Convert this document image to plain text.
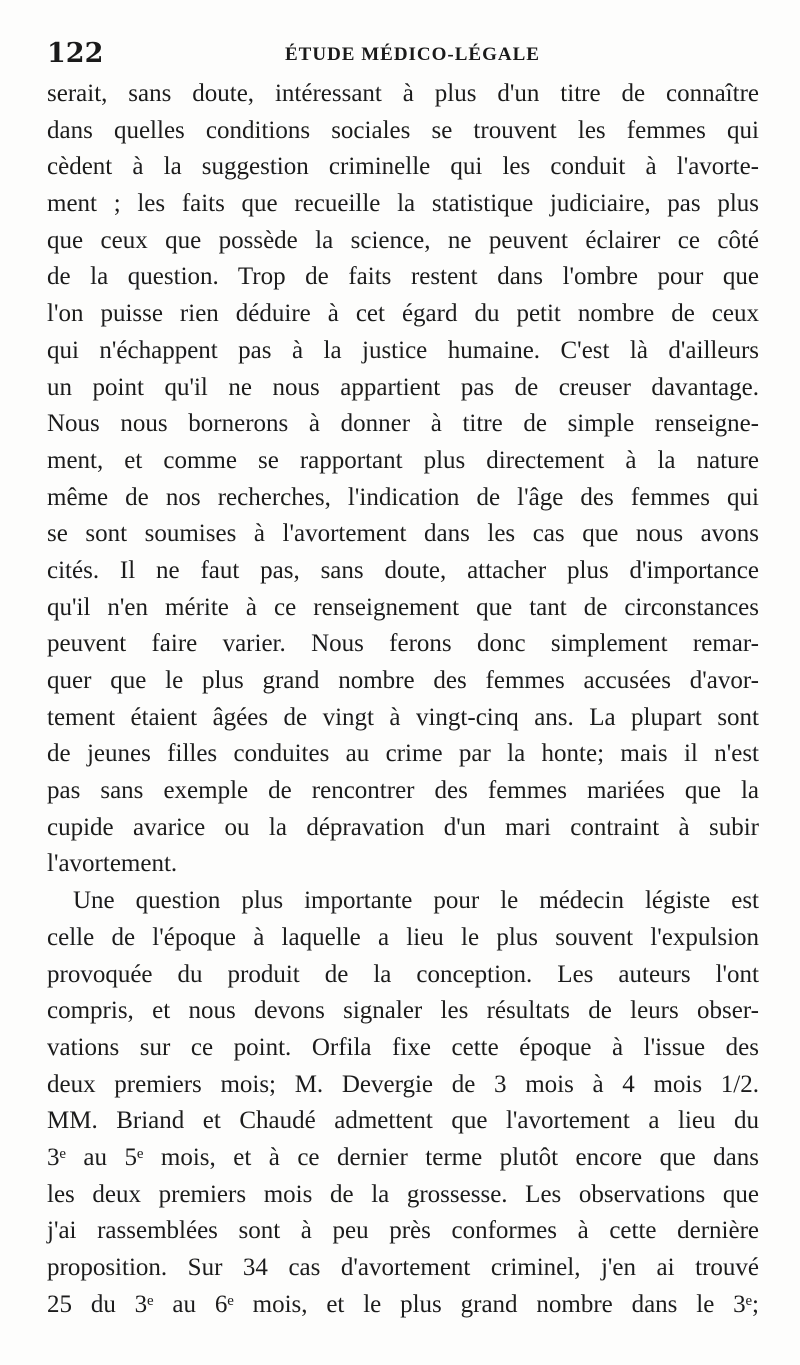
122	ÉTUDE MÉDICO-LÉGALE
serait, sans doute, intéressant à plus d'un titre de connaître
dans quelles conditions sociales se trouvent les femmes qui
cèdent à la suggestion criminelle qui les conduit à l'avorte-
ment ; les faits que recueille la statistique judiciaire, pas plus
que ceux que possède la science, ne peuvent éclairer ce côté
de la question. Trop de faits restent dans l'ombre pour que
l'on puisse rien déduire à cet égard du petit nombre de ceux
qui n'échappent pas à la justice humaine. C'est là d'ailleurs
un point qu'il ne nous appartient pas de creuser davantage.
Nous nous bornerons à donner à titre de simple renseigne-
ment, et comme se rapportant plus directement à la nature
même de nos recherches, l'indication de l'âge des femmes qui
se sont soumises à l'avortement dans les cas que nous avons
cités. Il ne faut pas, sans doute, attacher plus d'importance
qu'il n'en mérite à ce renseignement que tant de circonstances
peuvent faire varier. Nous ferons donc simplement remar-
quer que le plus grand nombre des femmes accusées d'avor-
tement étaient âgées de vingt à vingt-cinq ans. La plupart sont
de jeunes filles conduites au crime par la honte; mais il n'est
pas sans exemple de rencontrer des femmes mariées que la
cupide avarice ou la dépravation d'un mari contraint à subir
l'avortement.
Une question plus importante pour le médecin légiste est
celle de l'époque à laquelle a lieu le plus souvent l'expulsion
provoquée du produit de la conception. Les auteurs l'ont
compris, et nous devons signaler les résultats de leurs obser-
vations sur ce point. Orfila fixe cette époque à l'issue des
deux premiers mois; M. Devergie de 3 mois à 4 mois 1/2.
MM. Briand et Chaudé admettent que l'avortement a lieu du
3ᵉ au 5ᵉ mois, et à ce dernier terme plutôt encore que dans
les deux premiers mois de la grossesse. Les observations que
j'ai rassemblées sont à peu près conformes à cette dernière
proposition. Sur 34 cas d'avortement criminel, j'en ai trouvé
25 du 3ᵉ au 6ᵉ mois, et le plus grand nombre dans le 3ᵉ;
